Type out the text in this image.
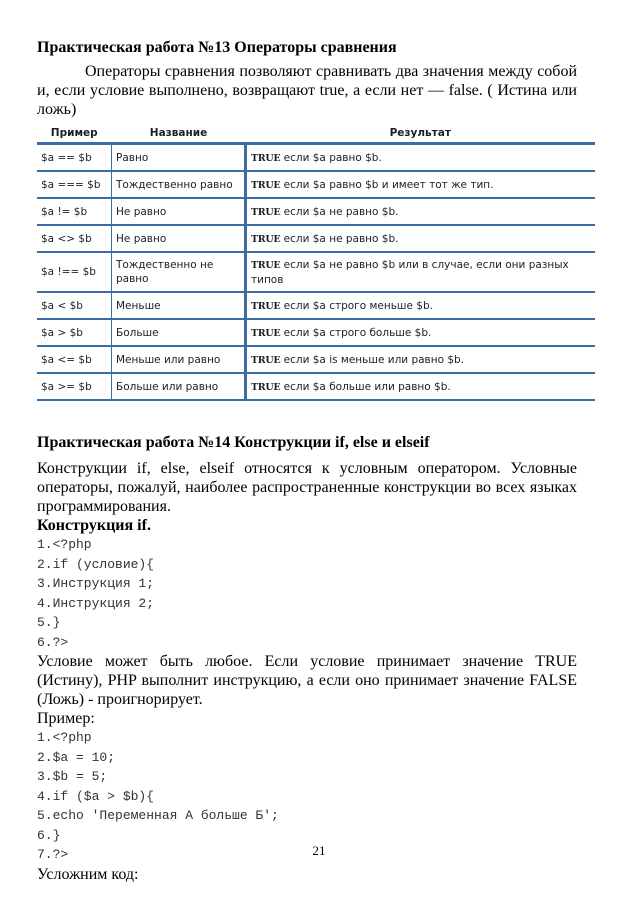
Практическая работа №13 Операторы сравнения

Операторы сравнения позволяют сравнивать два значения между собой и, если условие выполнено, возвращают true, а если нет — false. ( Истина или ложь)

Пример	Название	Результат
$a == $b	Равно	TRUE если $a равно $b.
$a === $b	Тождественно равно	TRUE если $a равно $b и имеет тот же тип.
$a != $b	Не равно	TRUE если $a не равно $b.
$a <> $b	Не равно	TRUE если $a не равно $b.
$a !== $b	Тождественно не равно	TRUE если $a не равно $b или в случае, если они разных типов
$a < $b	Меньше	TRUE если $a строго меньше $b.
$a > $b	Больше	TRUE если $a строго больше $b.
$a <= $b	Меньше или равно	TRUE если $a is меньше или равно $b.
$a >= $b	Больше или равно	TRUE если $a больше или равно $b.
Практическая работа №14 Конструкции if, else и elseif

Конструкции if, else, elseif относятся к условным оператором. Условные операторы, пожалуй, наиболее распространенные конструкции во всех языках программирования.

Конструкция if.

1.<?php
2.if (условие){
3.Инструкция 1;
4.Инструкция 2;
5.}
6.?>

Условие может быть любое. Если условие принимает значение TRUE (Истину), PHP выполнит инструкцию, а если оно принимает значение FALSE (Ложь) - проигнорирует.

Пример:

1.<?php
2.$a = 10;
3.$b = 5;
4.if ($a > $b){
5.echo 'Переменная А больше Б';
6.}
7.?>

Усложним код:

21
